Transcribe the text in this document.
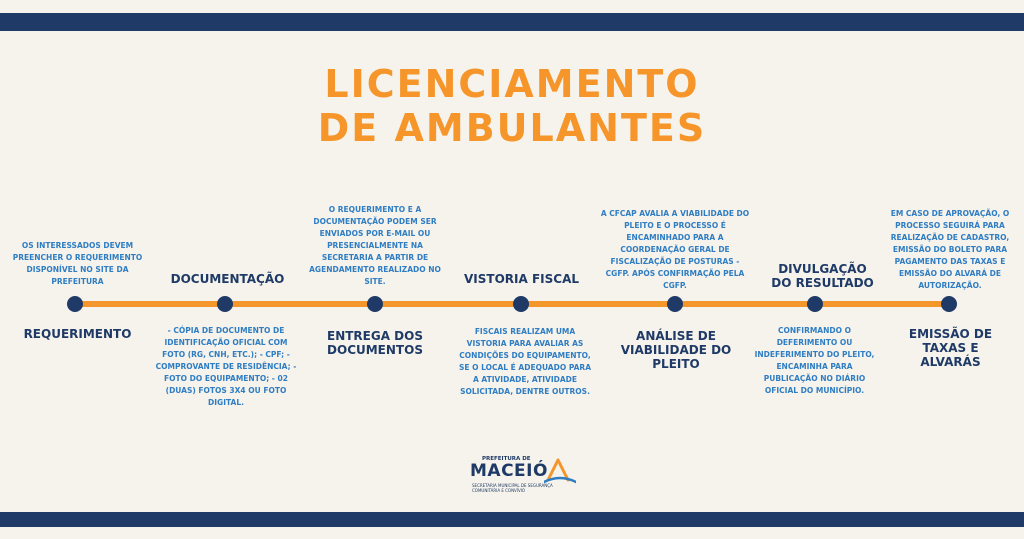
LICENCIAMENTO
DE AMBULANTES
OS INTERESSADOS DEVEM PREENCHER O REQUERIMENTO DISPONÍVEL NO SITE DA PREFEITURA
REQUERIMENTO
DOCUMENTAÇÃO
- CÓPIA DE DOCUMENTO DE IDENTIFICAÇÃO OFICIAL COM FOTO (RG, CNH, ETC.); - CPF; - COMPROVANTE DE RESIDÊNCIA; - FOTO DO EQUIPAMENTO; - 02 (DUAS) FOTOS 3X4 OU FOTO DIGITAL.
O REQUERIMENTO E A DOCUMENTAÇÃO PODEM SER ENVIADOS POR E-MAIL OU PRESENCIALMENTE NA SECRETARIA A PARTIR DE AGENDAMENTO REALIZADO NO SITE.
ENTREGA DOS DOCUMENTOS
VISTORIA FISCAL
FISCAIS REALIZAM UMA VISTORIA PARA AVALIAR AS CONDIÇÕES DO EQUIPAMENTO, SE O LOCAL É ADEQUADO PARA A ATIVIDADE, ATIVIDADE SOLICITADA, DENTRE OUTROS.
A CFCAP AVALIA A VIABILIDADE DO PLEITO E O PROCESSO É ENCAMINHADO PARA A COORDENAÇÃO GERAL DE FISCALIZAÇÃO DE POSTURAS - CGFP. APÓS CONFIRMAÇÃO PELA CGFP.
ANÁLISE DE VIABILIDADE DO PLEITO
DIVULGAÇÃO DO RESULTADO
CONFIRMANDO O DEFERIMENTO OU INDEFERIMENTO DO PLEITO, ENCAMINHA PARA PUBLICAÇÃO NO DIÁRIO OFICIAL DO MUNICÍPIO.
EM CASO DE APROVAÇÃO, O PROCESSO SEGUIRÁ PARA REALIZAÇÃO DE CADASTRO, EMISSÃO DO BOLETO PARA PAGAMENTO DAS TAXAS E EMISSÃO DO ALVARÁ DE AUTORIZAÇÃO.
EMISSÃO DE TAXAS E ALVARÁS
PREFEITURA DE
MACEIÓ
SECRETARIA MUNICIPAL DE SEGURANÇA COMUNITÁRIA E CONVÍVIO
